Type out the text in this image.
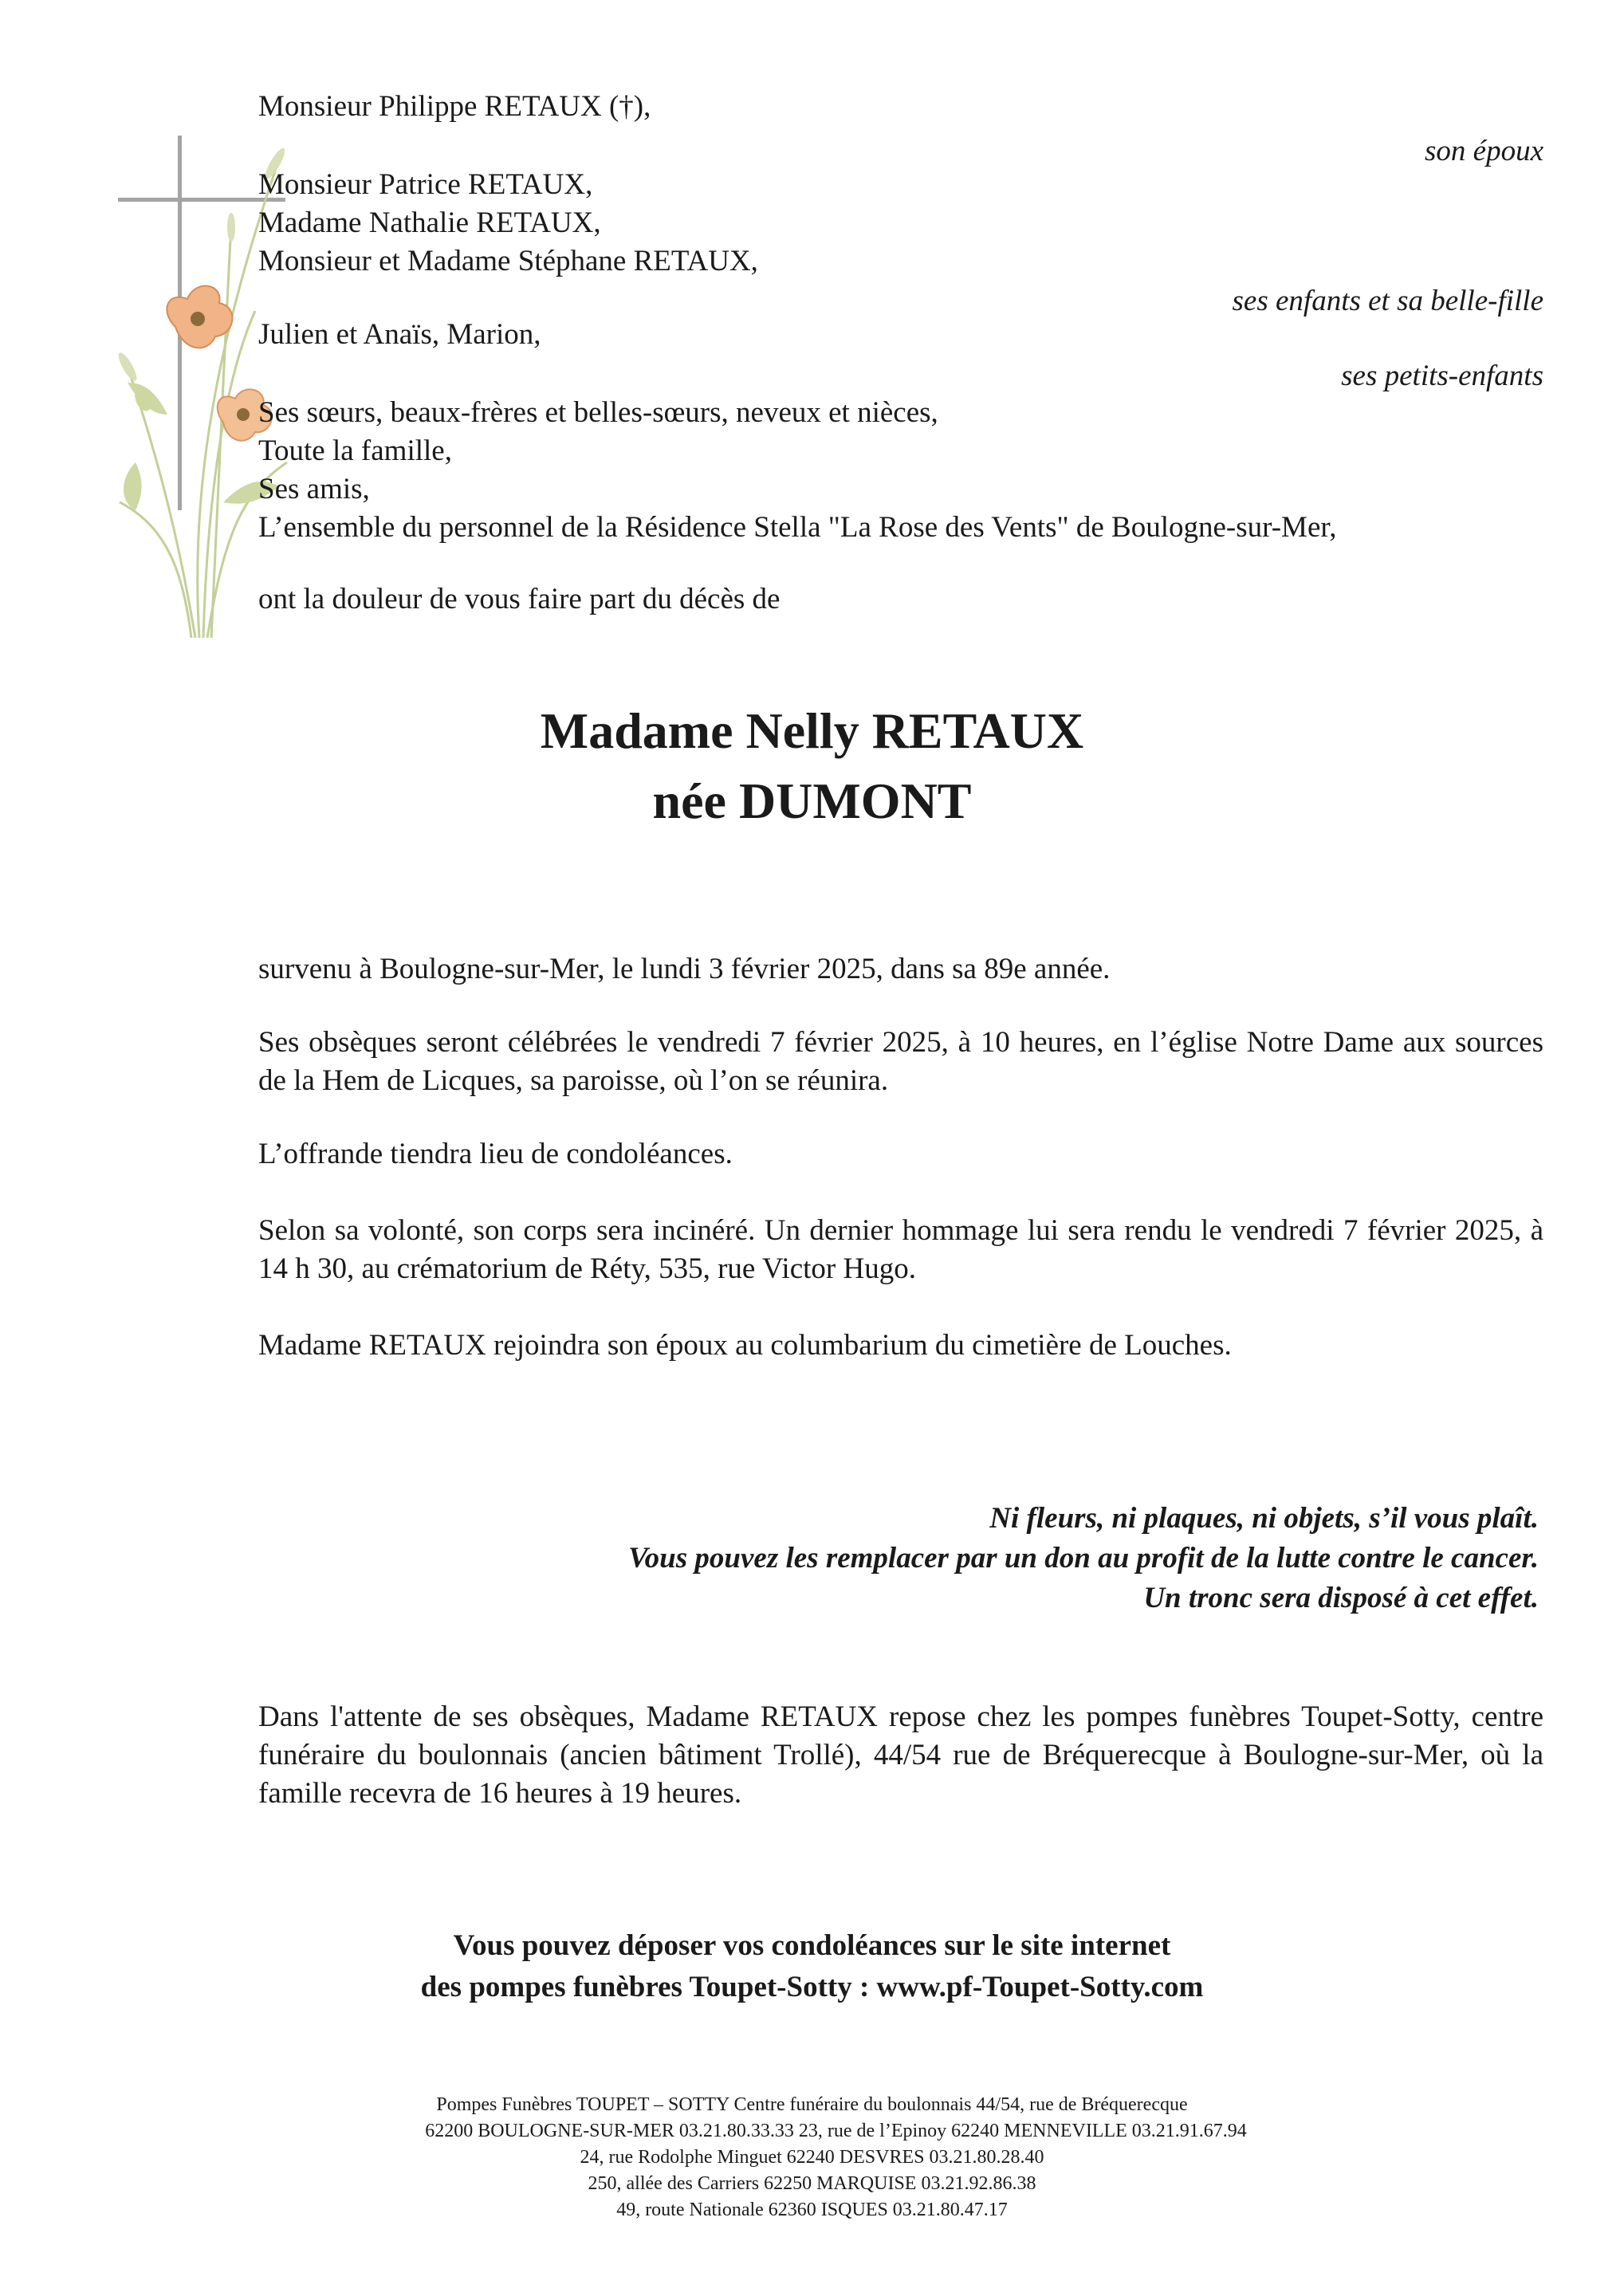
Monsieur Philippe RETAUX (†),
son époux
Monsieur Patrice RETAUX,
Madame Nathalie RETAUX,
Monsieur et Madame Stéphane RETAUX,
ses enfants et sa belle-fille
Julien et Anaïs, Marion,
ses petits-enfants
Ses sœurs, beaux-frères et belles-sœurs, neveux et nièces,
Toute la famille,
Ses amis,
L’ensemble du personnel de la Résidence Stella "La Rose des Vents" de Boulogne-sur-Mer,
ont la douleur de vous faire part du décès de
Madame Nelly RETAUX
née DUMONT
survenu à Boulogne-sur-Mer, le lundi 3 février 2025, dans sa 89e année.
Ses obsèques seront célébrées le vendredi 7 février 2025, à 10 heures, en l’église Notre Dame aux sources de la Hem de Licques, sa paroisse, où l’on se réunira.
L’offrande tiendra lieu de condoléances.
Selon sa volonté, son corps sera incinéré. Un dernier hommage lui sera rendu le vendredi 7 février 2025, à 14 h 30, au crématorium de Réty, 535, rue Victor Hugo.
Madame RETAUX rejoindra son époux au columbarium du cimetière de Louches.
Ni fleurs, ni plaques, ni objets, s’il vous plaît.
Vous pouvez les remplacer par un don au profit de la lutte contre le cancer.
Un tronc sera disposé à cet effet.
Dans l'attente de ses obsèques, Madame RETAUX repose chez les pompes funèbres Toupet-Sotty, centre funéraire du boulonnais (ancien bâtiment Trollé), 44/54 rue de Bréquerecque à Boulogne-sur-Mer, où la famille recevra de 16 heures à 19 heures.
Vous pouvez déposer vos condoléances sur le site internet
des pompes funèbres Toupet-Sotty : www.pf-Toupet-Sotty.com
Pompes Funèbres TOUPET – SOTTY Centre funéraire du boulonnais 44/54, rue de Bréquerecque
62200 BOULOGNE-SUR-MER 03.21.80.33.33 23, rue de l’Epinoy 62240 MENNEVILLE 03.21.91.67.94
24, rue Rodolphe Minguet 62240 DESVRES 03.21.80.28.40
250, allée des Carriers 62250 MARQUISE 03.21.92.86.38
49, route Nationale 62360 ISQUES 03.21.80.47.17
